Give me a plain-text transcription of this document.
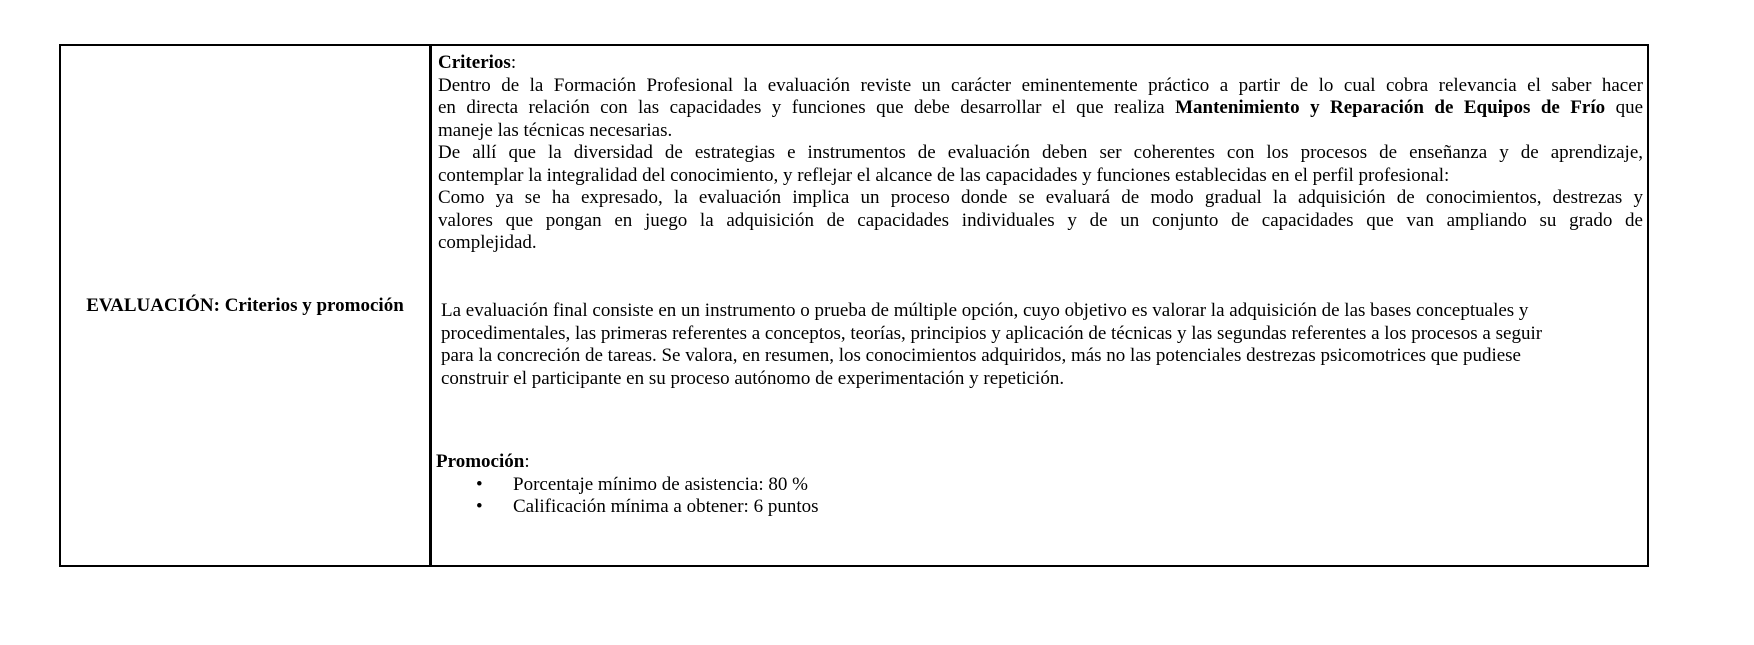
EVALUACIÓN: Criterios y promoción
Criterios:
Dentro de la Formación Profesional la evaluación reviste un carácter eminentemente práctico a partir de lo cual cobra relevancia el saber hacer
en directa relación con las capacidades y funciones que debe desarrollar el que realiza Mantenimiento y Reparación de Equipos de Frío que
maneje las técnicas necesarias.
De allí que la diversidad de estrategias e instrumentos de evaluación deben ser coherentes con los procesos de enseñanza y de aprendizaje,
contemplar la integralidad del conocimiento, y reflejar el alcance de las capacidades y funciones establecidas en el perfil profesional:
Como ya se ha expresado, la evaluación implica un proceso donde se evaluará de modo gradual la adquisición de conocimientos, destrezas y
valores que pongan en juego la adquisición de capacidades individuales y de un conjunto de capacidades que van ampliando su grado de
complejidad.
La evaluación final consiste en un instrumento o prueba de múltiple opción, cuyo objetivo es valorar la adquisición de las bases conceptuales y
procedimentales, las primeras referentes a conceptos, teorías, principios y aplicación de técnicas y las segundas referentes a los procesos a seguir
para la concreción de tareas. Se valora, en resumen, los conocimientos adquiridos, más no las potenciales destrezas psicomotrices que pudiese
construir el participante en su proceso autónomo de experimentación y repetición.
Promoción:
• Porcentaje mínimo de asistencia: 80 %
• Calificación mínima a obtener: 6 puntos
